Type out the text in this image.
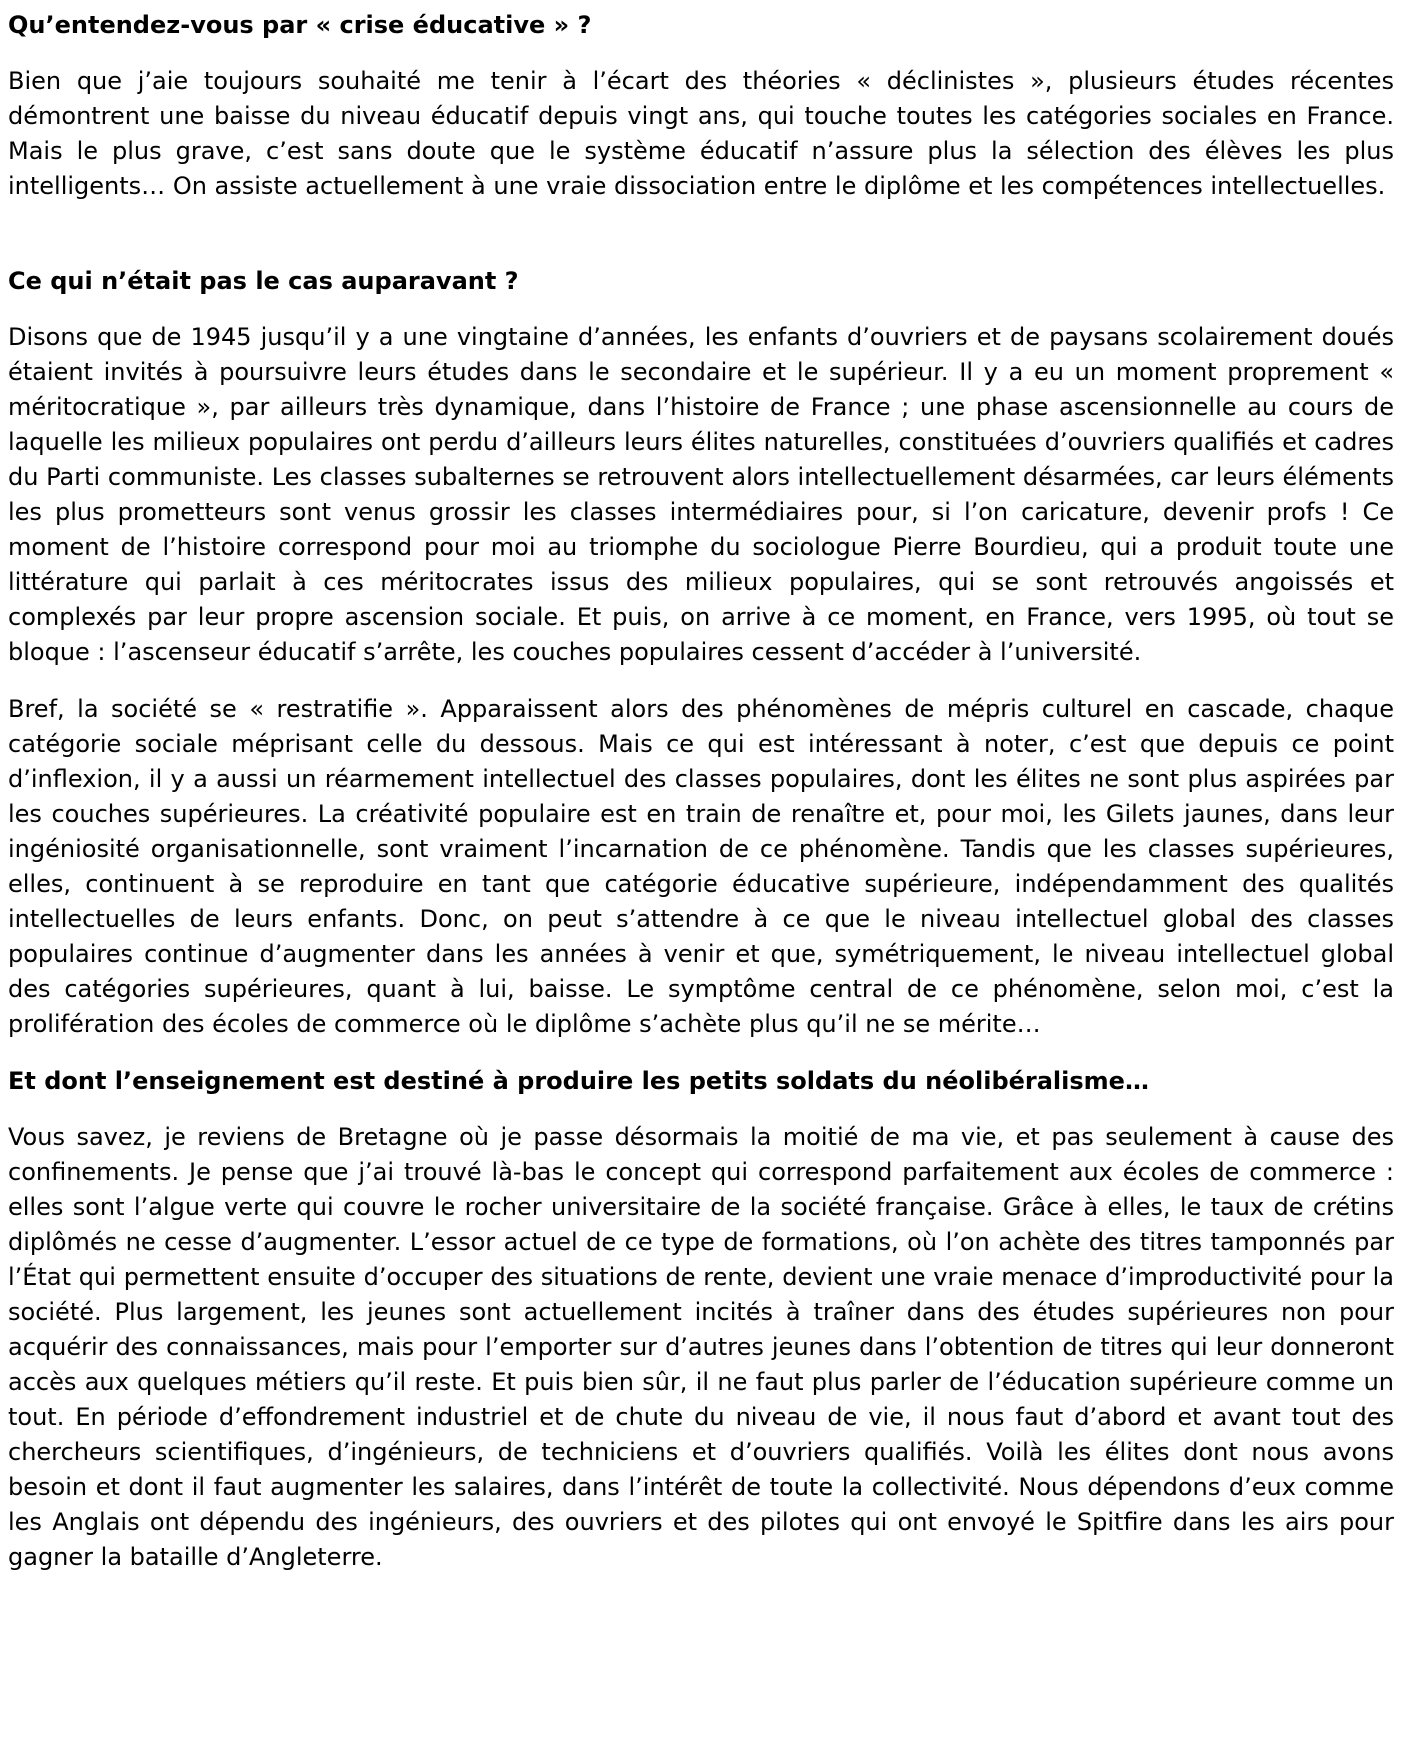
Qu’entendez-vous par « crise éducative » ?
Bien que j’aie toujours souhaité me tenir à l’écart des théories « déclinistes », plusieurs études récentes démontrent une baisse du niveau éducatif depuis vingt ans, qui touche toutes les catégories sociales en France. Mais le plus grave, c’est sans doute que le système éducatif n’assure plus la sélection des élèves les plus intelligents… On assiste actuellement à une vraie dissociation entre le diplôme et les compétences intellectuelles.
Ce qui n’était pas le cas auparavant ?
Disons que de 1945 jusqu’il y a une vingtaine d’années, les enfants d’ouvriers et de paysans scolairement doués étaient invités à poursuivre leurs études dans le secondaire et le supérieur. Il y a eu un moment proprement « méritocratique », par ailleurs très dynamique, dans l’histoire de France ; une phase ascensionnelle au cours de laquelle les milieux populaires ont perdu d’ailleurs leurs élites naturelles, constituées d’ouvriers qualifiés et cadres du Parti communiste. Les classes subalternes se retrouvent alors intellectuellement désarmées, car leurs éléments les plus prometteurs sont venus grossir les classes intermédiaires pour, si l’on caricature, devenir profs ! Ce moment de l’histoire correspond pour moi au triomphe du sociologue Pierre Bourdieu, qui a produit toute une littérature qui parlait à ces méritocrates issus des milieux populaires, qui se sont retrouvés angoissés et complexés par leur propre ascension sociale. Et puis, on arrive à ce moment, en France, vers 1995, où tout se bloque : l’ascenseur éducatif s’arrête, les couches populaires cessent d’accéder à l’université.
Bref, la société se « restratifie ». Apparaissent alors des phénomènes de mépris culturel en cascade, chaque catégorie sociale méprisant celle du dessous. Mais ce qui est intéressant à noter, c’est que depuis ce point d’inflexion, il y a aussi un réarmement intellectuel des classes populaires, dont les élites ne sont plus aspirées par les couches supérieures. La créativité populaire est en train de renaître et, pour moi, les Gilets jaunes, dans leur ingéniosité organisationnelle, sont vraiment l’incarnation de ce phénomène. Tandis que les classes supérieures, elles, continuent à se reproduire en tant que catégorie éducative supérieure, indépendamment des qualités intellectuelles de leurs enfants. Donc, on peut s’attendre à ce que le niveau intellectuel global des classes populaires continue d’augmenter dans les années à venir et que, symétriquement, le niveau intellectuel global des catégories supérieures, quant à lui, baisse. Le symptôme central de ce phénomène, selon moi, c’est la prolifération des écoles de commerce où le diplôme s’achète plus qu’il ne se mérite…
Et dont l’enseignement est destiné à produire les petits soldats du néolibéralisme…
Vous savez, je reviens de Bretagne où je passe désormais la moitié de ma vie, et pas seulement à cause des confinements. Je pense que j’ai trouvé là-bas le concept qui correspond parfaitement aux écoles de commerce : elles sont l’algue verte qui couvre le rocher universitaire de la société française. Grâce à elles, le taux de crétins diplômés ne cesse d’augmenter. L’essor actuel de ce type de formations, où l’on achète des titres tamponnés par l’État qui permettent ensuite d’occuper des situations de rente, devient une vraie menace d’improductivité pour la société. Plus largement, les jeunes sont actuellement incités à traîner dans des études supérieures non pour acquérir des connaissances, mais pour l’emporter sur d’autres jeunes dans l’obtention de titres qui leur donneront accès aux quelques métiers qu’il reste. Et puis bien sûr, il ne faut plus parler de l’éducation supérieure comme un tout. En période d’effondrement industriel et de chute du niveau de vie, il nous faut d’abord et avant tout des chercheurs scientifiques, d’ingénieurs, de techniciens et d’ouvriers qualifiés. Voilà les élites dont nous avons besoin et dont il faut augmenter les salaires, dans l’intérêt de toute la collectivité. Nous dépendons d’eux comme les Anglais ont dépendu des ingénieurs, des ouvriers et des pilotes qui ont envoyé le Spitfire dans les airs pour gagner la bataille d’Angleterre.
